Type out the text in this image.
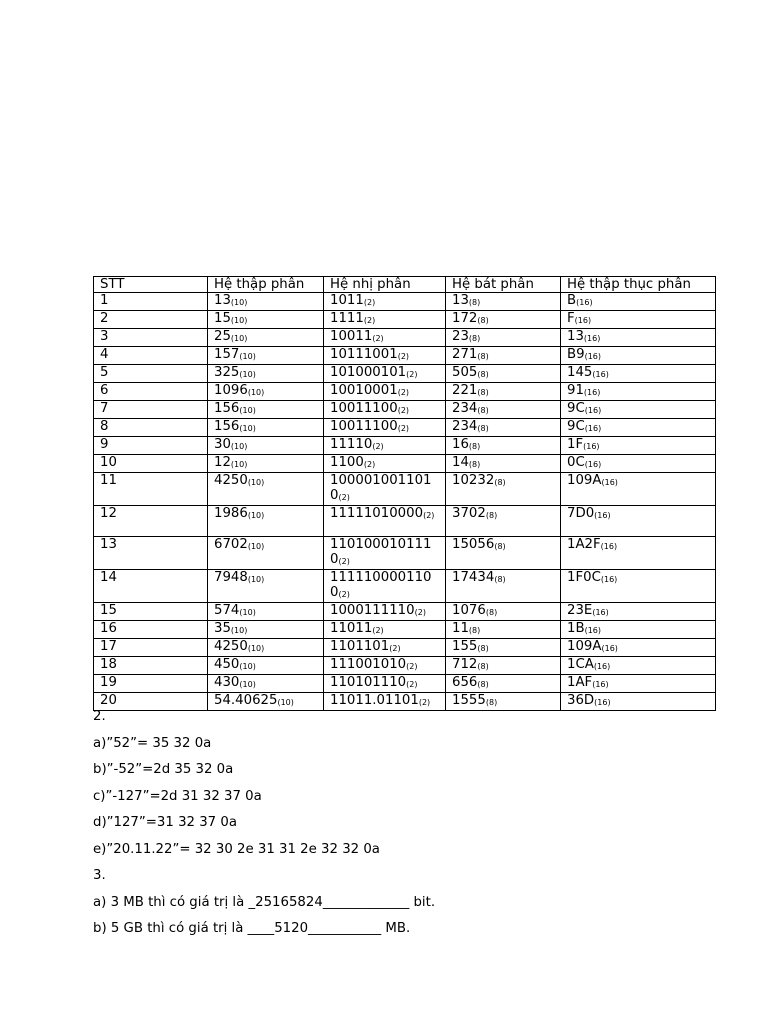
STT	Hệ thập phân	Hệ nhị phân	Hệ bát phân	Hệ thập thục phân
1	13 ( 10 )	1011 ( 2 )	13 ( 8 )	B ( 16 )
2	15 ( 10 )	1111 ( 2 )	172 ( 8 )	F ( 16 )
3	25 ( 10 )	10011 ( 2 )	23 ( 8 )	13 ( 16 )
4	157 ( 10 )	10111001 ( 2 )	271 ( 8 )	B9 ( 16 )
5	325 ( 10 )	101000101 ( 2 )	505 ( 8 )	145 ( 16 )
6	1096 ( 10 )	10010001 ( 2 )	221 ( 8 )	91 ( 16 )
7	156 ( 10 )	10011100 ( 2 )	234 ( 8 )	9C ( 16 )
8	156 ( 10 )	10011100 ( 2 )	234 ( 8 )	9C ( 16 )
9	30 ( 10 )	11110 ( 2 )	16 ( 8 )	1F ( 16 )
10	12 ( 10 )	1100 ( 2 )	14 ( 8 )	0C ( 16 )
11	4250 ( 10 )	1000010011010 ( 2 )	10232 ( 8 )	109A ( 16 )
12	1986 ( 10 )	11111010000 ( 2 )	3702 ( 8 )	7D0 ( 16 )
13	6702 ( 10 )	1101000101110 ( 2 )	15056 ( 8 )	1A2F ( 16 )
14	7948 ( 10 )	1111100001100 ( 2 )	17434 ( 8 )	1F0C ( 16 )
15	574 ( 10 )	1000111110 ( 2 )	1076 ( 8 )	23E ( 16 )
16	35 ( 10 )	11011 ( 2 )	11 ( 8 )	1B ( 16 )
17	4250 ( 10 )	1101101 ( 2 )	155 ( 8 )	109A ( 16 )
18	450 ( 10 )	111001010 ( 2 )	712 ( 8 )	1CA ( 16 )
19	430 ( 10 )	110101110 ( 2 )	656 ( 8 )	1AF ( 16 )
20	54.40625 ( 10 )	11011.01101 ( 2 )	1555 ( 8 )	36D ( 16 )
2.
a)”52”= 35 32 0a
b)”-52”=2d 35 32 0a
c)”-127”=2d 31 32 37 0a
d)”127”=31 32 37 0a
e)”20.11.22”= 32 30 2e 31 31 2e 32 32 0a
3.
a) 3 MB thì có giá trị là _25165824_____________ bit.
b) 5 GB thì có giá trị là ____5120___________ MB.
